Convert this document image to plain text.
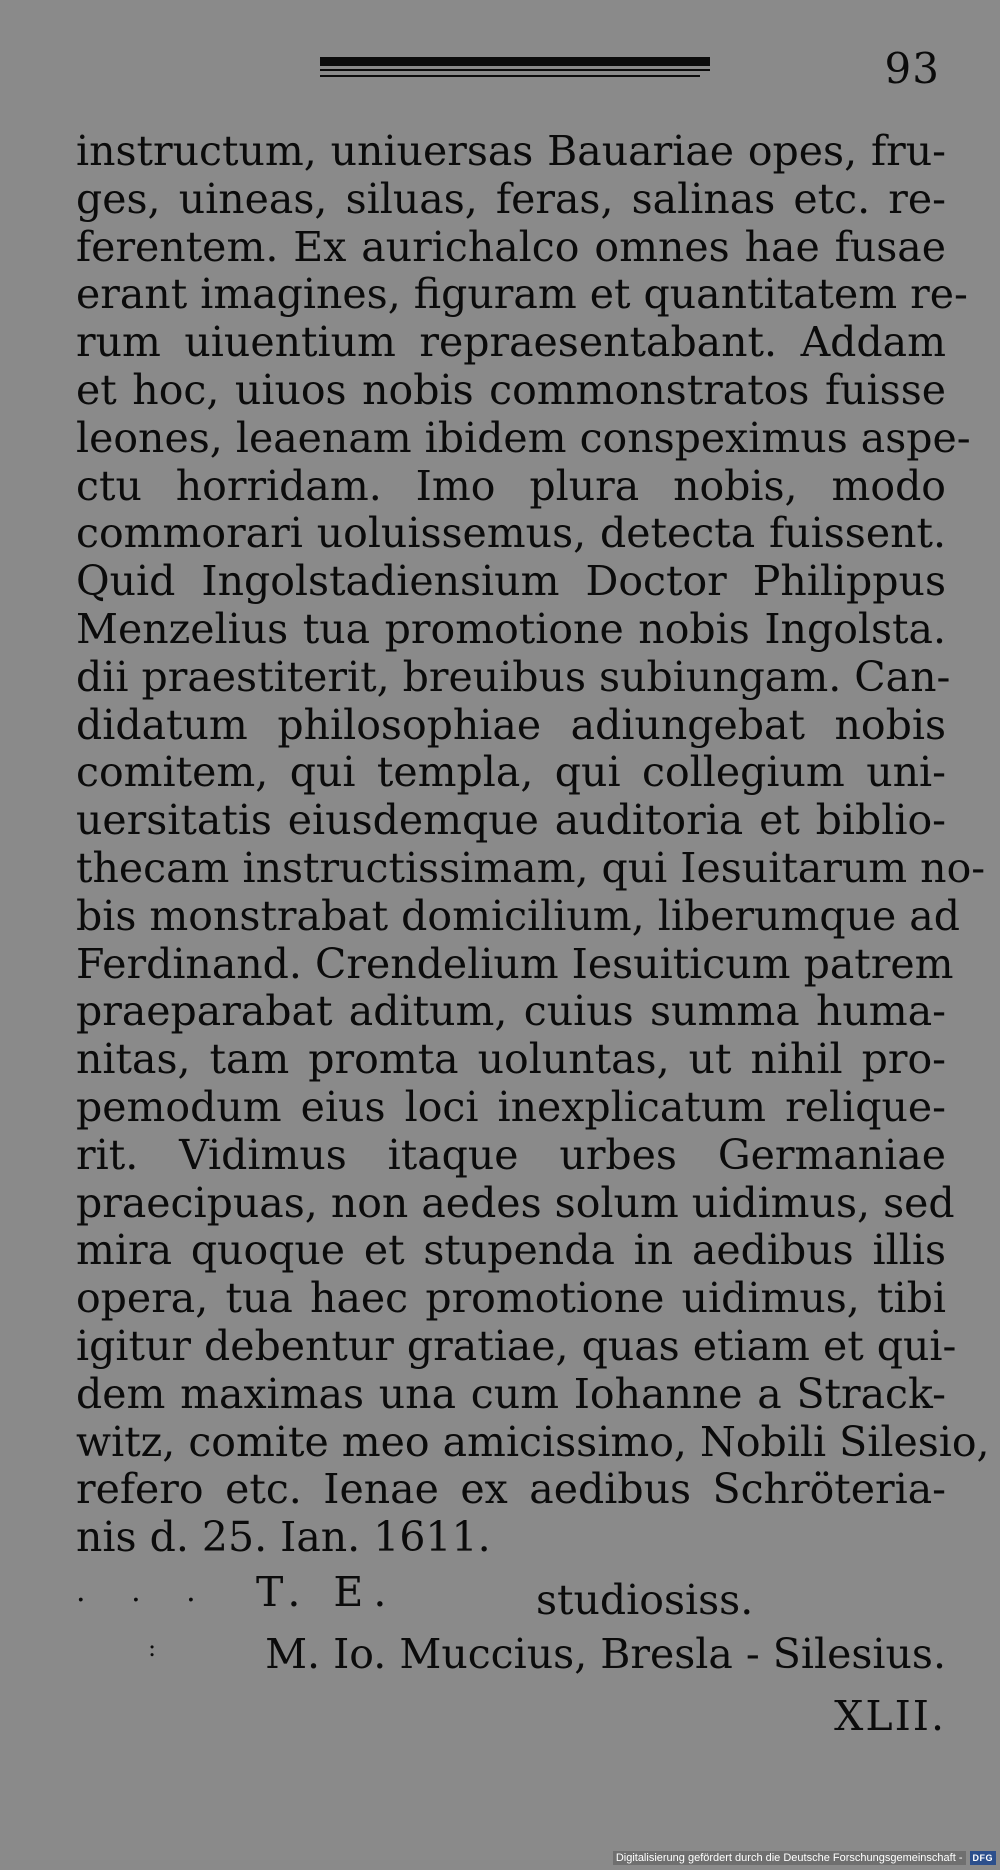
93
instructum, uniuersas Bauariae opes, fru-
ges, uineas, siluas, feras, salinas etc. re-
ferentem. Ex aurichalco omnes hae fusae
erant imagines, figuram et quantitatem re-
rum uiuentium repraesentabant. Addam
et hoc, uiuos nobis commonstratos fuisse
leones, leaenam ibidem conspeximus aspe-
ctu horridam. Imo plura nobis, modo
commorari uoluissemus, detecta fuissent.
Quid Ingolstadiensium Doctor Philippus
Menzelius tua promotione nobis Ingolsta.
dii praestiterit, breuibus subiungam. Can-
didatum philosophiae adiungebat nobis
comitem, qui templa, qui collegium uni-
uersitatis eiusdemque auditoria et biblio-
thecam instructissimam, qui Iesuitarum no-
bis monstrabat domicilium, liberumque ad
Ferdinand. Crendelium Iesuiticum patrem
praeparabat aditum, cuius summa huma-
nitas, tam promta uoluntas, ut nihil pro-
pemodum eius loci inexplicatum reliquе-
rit. Vidimus itaque urbes Germaniae
praecipuas, non aedes solum uidimus, sed
mira quoque et stupenda in aedibus illis
opera, tua haec promotione uidimus, tibi
igitur debentur gratiae, quas etiam et qui-
dem maximas una cum Iohanne a Strack-
witz, comite meo amicissimo, Nobili Silesio,
refero etc. Ienae ex aedibus Schröteria-
nis d. 25. Ian. 1611.
. . . T. E.	studiosiss.
:	M. Io. Muccius, Bresla - Silesius.
XLII.
Digitalisierung gefördert durch die Deutsche Forschungsgemeinschaft -	DFG
